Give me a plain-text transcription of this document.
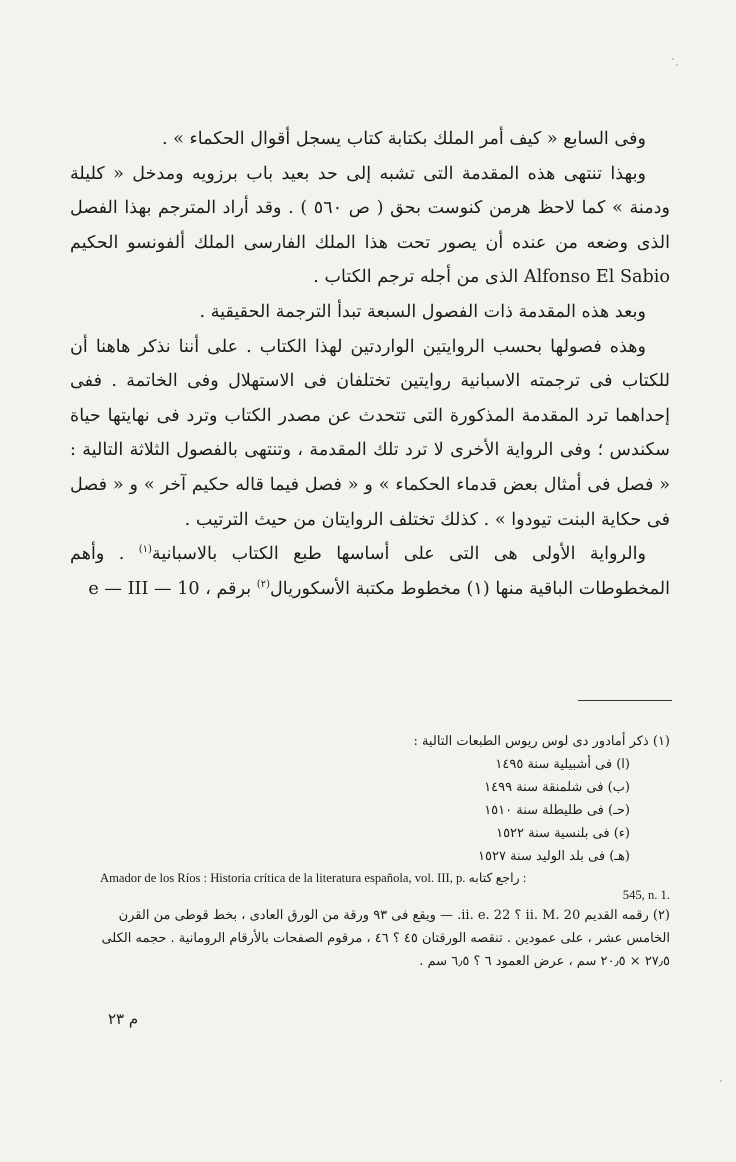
وفى السابع « كيف أمر الملك بكتابة كتاب يسجل أقوال الحكماء » .

وبهذا تنتهى هذه المقدمة التى تشبه إلى حد بعيد باب برزويه ومدخل « كليلة ودمنة » كما لاحظ هرمن كنوست بحق ( ص ٥٦٠ ) . وقد أراد المترجم بهذا الفصل الذى وضعه من عنده أن يصور تحت هذا الملك الفارسى الملك ألفونسو الحكيم Alfonso El Sabio الذى من أجله ترجم الكتاب .

وبعد هذه المقدمة ذات الفصول السبعة تبدأ الترجمة الحقيقية .

وهذه فصولها بحسب الروايتين الواردتين لهذا الكتاب . على أننا نذكر هاهنا أن للكتاب فى ترجمته الاسبانية روايتين تختلفان فى الاستهلال وفى الخاتمة . ففى إحداهما ترد المقدمة المذكورة التى تتحدث عن مصدر الكتاب وترد فى نهايتها حياة سكندس ؛ وفى الرواية الأخرى لا ترد تلك المقدمة ، وتنتهى بالفصول الثلاثة التالية : « فصل فى أمثال بعض قدماء الحكماء » و « فصل فيما قاله حكيم آخر » و « فصل فى حكاية البنت تيودوا » . كذلك تختلف الروايتان من حيث الترتيب .

والرواية الأولى هى التى على أساسها طبع الكتاب بالاسبانية$^{(١)}$ . وأهم المخطوطات الباقية منها (١) مخطوط مكتبة الأسكوريال$^{(٢)}$ برقم e — III — 10 ،

(١) ذكر أمادور دى لوس ريوس الطبعات التالية :

(ا) فى أشبيلية سنة ١٤٩٥

(ب) فى شلمنقة سنة ١٤٩٩

(حـ) فى طليطلة سنة ١٥١٠

(ء) فى بلنسية سنة ١٥٢٢

(هـ) فى بلد الوليد سنة ١٥٢٧

Amador de los Ríos : Historia crítica de la literatura española, vol. III, p. راجع كتابه :

545, n. 1.

(٢) رقمه القديم ii. M. 20 ؟ ii. e. 22. — ويقع فى ٩٣ ورقة من الورق العادى ، بخط قوطى من القرن الخامس عشر ، على عمودين . تنقصه الورقتان ٤٥ ؟ ٤٦ ، مرقوم الصفحات بالأرقام الرومانية . حجمه الكلى ٢٧٫٥ × ٢٠٫٥ سم ، عرض العمود ٦ ؟ ٦٫٥ سم .

م ٢٣
